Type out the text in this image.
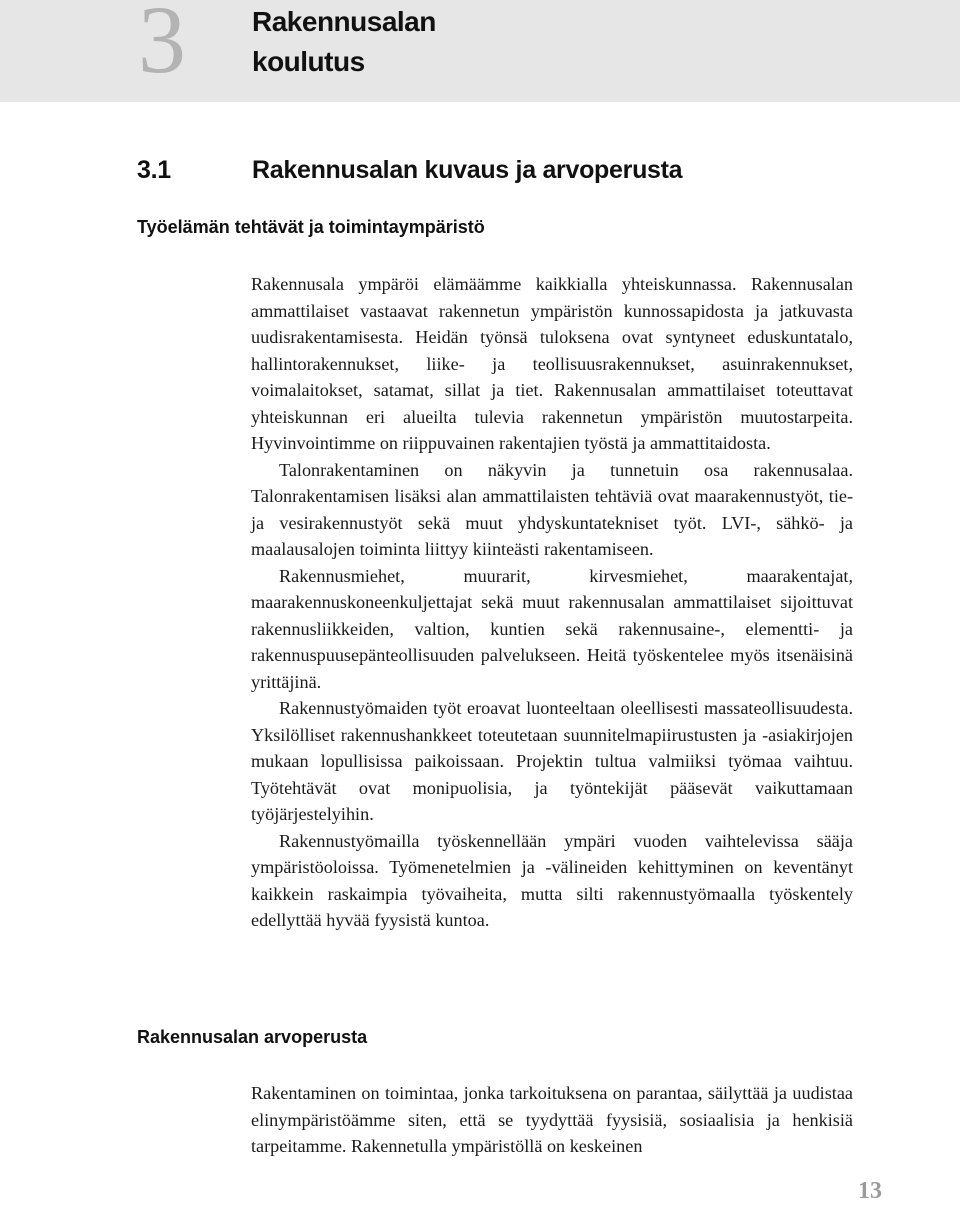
3 Rakennusalan
koulutus
3.1	Rakennusalan kuvaus ja arvoperusta
Työelämän tehtävät ja toimintaympäristö

Rakennusala ympäröi elämäämme kaikkialla yhteiskunnassa. Rakennusalan ammattilaiset vastaavat rakennetun ympäristön kunnossapidosta ja jatkuvasta uudisrakentamisesta. Heidän työnsä tuloksena ovat syntyneet eduskuntatalo, hallintorakennukset, liike- ja teollisuusrakennukset, asuinrakennukset, voimalaitokset, satamat, sillat ja tiet. Rakennusalan ammattilaiset toteuttavat yhteiskunnan eri alueilta tulevia rakennetun ympäristön muutostarpeita. Hyvinvointimme on riippuvainen rakentajien työstä ja ammattitaidosta.

Talonrakentaminen on näkyvin ja tunnetuin osa rakennusalaa. Talonrakentamisen lisäksi alan ammattilaisten tehtäviä ovat maarakennustyöt, tie- ja vesirakennustyöt sekä muut yhdyskuntatekniset työt. LVI-, sähkö- ja maalausalojen toiminta liittyy kiinteästi rakentamiseen.

Rakennusmiehet, muurarit, kirvesmiehet, maarakentajat, maarakennuskoneenkuljettajat sekä muut rakennusalan ammattilaiset sijoittuvat rakennusliikkeiden, valtion, kuntien sekä rakennusaine-, elementti- ja rakennuspuusepänteollisuuden palvelukseen. Heitä työskentelee myös itsenäisinä yrittäjinä.

Rakennustyömaiden työt eroavat luonteeltaan oleellisesti massateollisuudesta. Yksilölliset rakennushankkeet toteutetaan suunnitelmapiirustusten ja -asiakirjojen mukaan lopullisissa paikoissaan. Projektin tultua valmiiksi työmaa vaihtuu. Työtehtävät ovat monipuolisia, ja työntekijät pääsevät vaikuttamaan työjärjestelyihin.

Rakennustyömailla työskennellään ympäri vuoden vaihtelevissa sääja ympäristöoloissa. Työmenetelmien ja -välineiden kehittyminen on keventänyt kaikkein raskaimpia työvaiheita, mutta silti rakennustyömaalla työskentely edellyttää hyvää fyysistä kuntoa.

Rakennusalan arvoperusta

Rakentaminen on toimintaa, jonka tarkoituksena on parantaa, säilyttää ja uudistaa elinympäristöämme siten, että se tyydyttää fyysisiä, sosiaalisia ja henkisiä tarpeitamme. Rakennetulla ympäristöllä on keskeinen

13
